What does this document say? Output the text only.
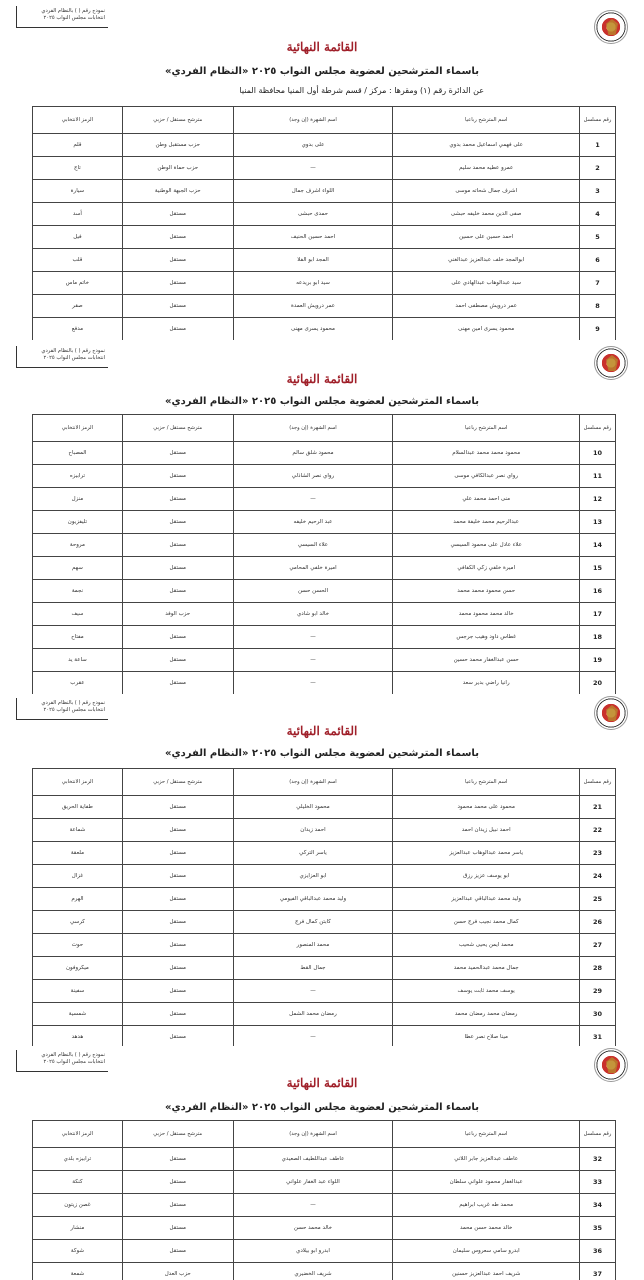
نموذج رقم ( ) بالنظام الفردي
انتخابات مجلس النواب ٢٠٢٥
القائمة النهائية
باسماء المترشحين لعضوية مجلس النواب ٢٠٢٥ «النظام الفردي»
عن الدائرة رقم (١) ومقرها : مركز / قسم شرطة أول المنيا محافظة المنيا
رقم مسلسل	اسم المترشح رباعيا	اسم الشهرة (إن وجد)	مترشح مستقل / حزبي	الرمز الانتخابي
1	على فهمي اسماعيل محمد بدوي	على بدوي	حزب مستقبل وطن	قلم
2	عمرو عطيه محمد سليم	—	حزب حماة الوطن	تاج
3	اشرف جمال شحاته موسى	اللواء اشرف جمال	حزب الجبهة الوطنية	سيارة
4	صفى الدين محمد خليفه حبشى	حمدى حبشى	مستقل	أسد
5	احمد حسين على حسين	احمد حسين الحنيف	مستقل	فيل
6	ابوالمجد خلف عبدالعزيز عبدالغني	المجد ابو الفلا	مستقل	قلب
7	سيد عبدالوهاب عبدالهادي على	سيد ابو بريدعه	مستقل	خاتم ماس
8	عمر درويش مصطفى احمد	عمر درويش العمدة	مستقل	صقر
9	محمود يسرى امين مهنى	محمود يسرى مهنى	مستقل	مدفع
نموذج رقم ( ) بالنظام الفردي
انتخابات مجلس النواب ٢٠٢٥
القائمة النهائية
باسماء المترشحين لعضوية مجلس النواب ٢٠٢٥ «النظام الفردي»
رقم مسلسل	اسم المترشح رباعيا	اسم الشهرة (إن وجد)	مترشح مستقل / حزبي	الرمز الانتخابي
10	محمود محمد محمد عبدالسلام	محمود شلق سالم	مستقل	المصباح
11	رواي نصر عبدالكافي موسى	رواي نصر الشاذلي	مستقل	ترابيزه
12	منى احمد محمد علي	—	مستقل	منزل
13	عبدالرحيم محمد خليفة محمد	عبد الرحيم خليفه	مستقل	تليفزيون
14	علاء عادل على محمود السيسي	علاء السيسي	مستقل	مروحة
15	اميرة خلفي زكي الكفافي	اميرة خلفي المحامي	مستقل	سهم
16	حسن محمود محمد محمد	الحسن حسن	مستقل	نجمة
17	خالد محمد محمود محمد	خالد ابو شادي	حزب الوفد	سيف
18	غطاس داود وهيب جرجس	—	مستقل	مفتاح
19	حسن عبدالغفار محمد حسين	—	مستقل	ساعة يد
20	رانيا راضي بدير سعد	—	مستقل	عقرب
نموذج رقم ( ) بالنظام الفردي
انتخابات مجلس النواب ٢٠٢٥
القائمة النهائية
باسماء المترشحين لعضوية مجلس النواب ٢٠٢٥ «النظام الفردي»
رقم مسلسل	اسم المترشح رباعيا	اسم الشهرة (إن وجد)	مترشح مستقل / حزبي	الرمز الانتخابي
21	محمود على محمد محمود	محمود الخليلي	مستقل	طفاية الحريق
22	احمد نبيل زيدان احمد	احمد زيدان	مستقل	شماعة
23	ياسر محمد عبدالوهاب عبدالعزيز	ياسر التركي	مستقل	ملعقة
24	ابو يوسف عزيز رزق	ابو العزايزي	مستقل	غزال
25	وليد محمد عبدالباقي عبدالعزيز	وليد محمد عبدالباقي الفيومي	مستقل	الهرم
26	كمال محمد نجيب فرج حسن	كابتن كمال فرج	مستقل	كرسي
27	محمد ايمن يحيى شحيب	محمد المنصور	مستقل	حوت
28	جمال محمد عبدالحميد محمد	جمال القط	مستقل	ميكروفون
29	يوسف محمد ثابت يوسف	—	مستقل	سفينة
30	رمضان محمد رمضان محمد	رمضان محمد الشمل	مستقل	شمسية
31	مينا صلاح نصر عطا	—	مستقل	هدهد
نموذج رقم ( ) بالنظام الفردي
انتخابات مجلس النواب ٢٠٢٥
القائمة النهائية
باسماء المترشحين لعضوية مجلس النواب ٢٠٢٥ «النظام الفردي»
رقم مسلسل	اسم المترشح رباعيا	اسم الشهرة (إن وجد)	مترشح مستقل / حزبي	الرمز الانتخابي
32	عاطف عبدالعزيز جابر اللاتي	عاطف عبداللطيف الصعيدي	مستقل	ترابيزه بلدي
33	عبدالغفار محمود علواني سلطان	اللواء عبد الغفار علواني	مستقل	كنكة
34	محمد طه غريب ابراهيم	—	مستقل	غصن زيتون
35	خالد محمد حسن محمد	خالد محمد حسن	مستقل	منشار
36	ابدرو سامي سعروس سليمان	ابدرو ابو بيلادي	مستقل	شوكة
37	شريف احمد عبدالعزيز حسنين	شريف الخضيري	حزب العدل	شمعة
